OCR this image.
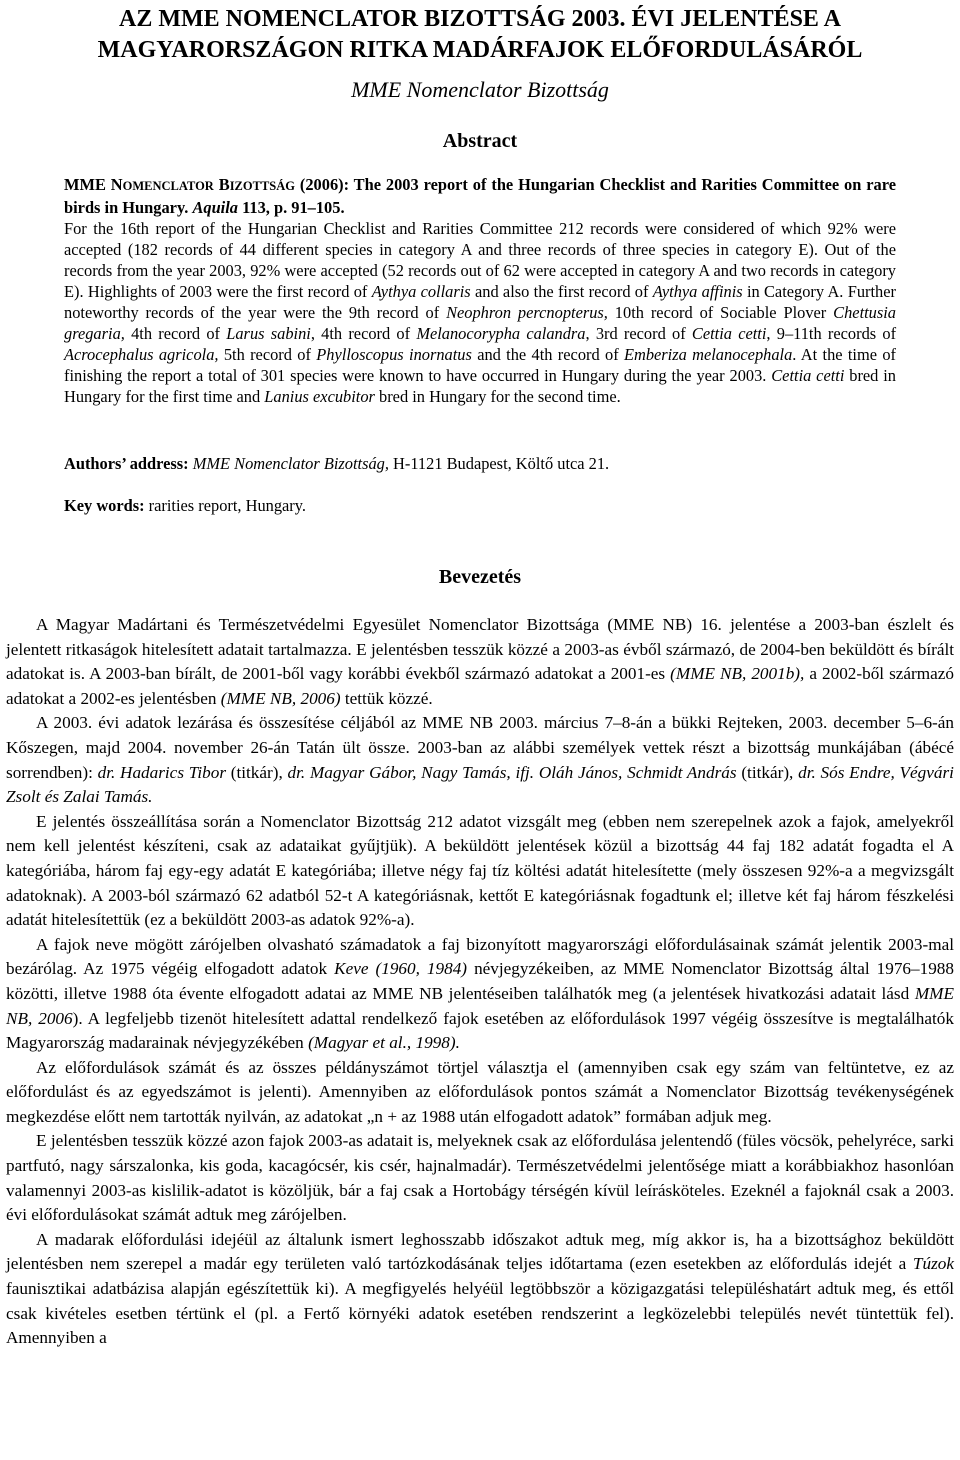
AZ MME NOMENCLATOR BIZOTTSÁG 2003. ÉVI JELENTÉSE A
MAGYARORSZÁGON RITKA MADÁRFAJOK ELŐFORDULÁSÁRÓL
MME Nomenclator Bizottság
Abstract

MME NOMENCLATOR BIZOTTSÁG (2006): The 2003 report of the Hungarian Checklist and Rarities Committee on rare birds in Hungary. Aquila 113, p. 91‒105.

For the 16th report of the Hungarian Checklist and Rarities Committee 212 records were considered of which 92% were accepted (182 records of 44 different species in category A and three records of three species in category E). Out of the records from the year 2003, 92% were accepted (52 records out of 62 were accepted in category A and two records in category E). Highlights of 2003 were the first record of Aythya collaris and also the first record of Aythya affinis in Category A. Further noteworthy records of the year were the 9th record of Neophron percnopterus, 10th record of Sociable Plover Chettusia gregaria, 4th record of Larus sabini, 4th record of Melanocorypha calandra, 3rd record of Cettia cetti, 9‒11th records of Acrocephalus agricola, 5th record of Phylloscopus inornatus and the 4th record of Emberiza melanocephala. At the time of finishing the report a total of 301 species were known to have occurred in Hungary during the year 2003. Cettia cetti bred in Hungary for the first time and Lanius excubitor bred in Hungary for the second time.

Authors’ address: MME Nomenclator Bizottság, H-1121 Budapest, Költő utca 21.
Key words: rarities report, Hungary.
Bevezetés

A Magyar Madártani és Természetvédelmi Egyesület Nomenclator Bizottsága (MME NB) 16. jelentése a 2003-ban észlelt és jelentett ritkaságok hitelesített adatait tartalmazza. E jelentésben tesszük közzé a 2003-as évből származó, de 2004-ben beküldött és bírált adatokat is. A 2003-ban bírált, de 2001-ből vagy korábbi évekből származó adatokat a 2001-es (MME NB, 2001b), a 2002-ből származó adatokat a 2002-es jelentésben (MME NB, 2006) tettük közzé.

A 2003. évi adatok lezárása és összesítése céljából az MME NB 2003. március 7‒8-án a bükki Rejteken, 2003. december 5‒6-án Kőszegen, majd 2004. november 26-án Tatán ült össze. 2003-ban az alábbi személyek vettek részt a bizottság munkájában (ábécé sorrendben): dr. Hadarics Tibor (titkár), dr. Magyar Gábor, Nagy Tamás, ifj. Oláh János, Schmidt András (titkár), dr. Sós Endre, Végvári Zsolt és Zalai Tamás.

E jelentés összeállítása során a Nomenclator Bizottság 212 adatot vizsgált meg (ebben nem szerepelnek azok a fajok, amelyekről nem kell jelentést készíteni, csak az adataikat gyűjtjük). A beküldött jelentések közül a bizottság 44 faj 182 adatát fogadta el A kategóriába, három faj egy-egy adatát E kategóriába; illetve négy faj tíz költési adatát hitelesítette (mely összesen 92%-a a megvizsgált adatoknak). A 2003-ból származó 62 adatból 52-t A kategóriásnak, kettőt E kategóriásnak fogadtunk el; illetve két faj három fészkelési adatát hitelesítettük (ez a beküldött 2003-as adatok 92%-a).

A fajok neve mögött zárójelben olvasható számadatok a faj bizonyított magyarországi előfordulásainak számát jelentik 2003-mal bezárólag. Az 1975 végéig elfogadott adatok Keve (1960, 1984) névjegyzékeiben, az MME Nomenclator Bizottság által 1976‒1988 közötti, illetve 1988 óta évente elfogadott adatai az MME NB jelentéseiben találhatók meg (a jelentések hivatkozási adatait lásd MME NB, 2006). A legfeljebb tizenöt hitelesített adattal rendelkező fajok esetében az előfordulások 1997 végéig összesítve is megtalálhatók Magyarország madarainak névjegyzékében (Magyar et al., 1998).

Az előfordulások számát és az összes példányszámot törtjel választja el (amennyiben csak egy szám van feltüntetve, ez az előfordulást és az egyedszámot is jelenti). Amennyiben az előfordulások pontos számát a Nomenclator Bizottság tevékenységének megkezdése előtt nem tartották nyilván, az adatokat „n + az 1988 után elfogadott adatok” formában adjuk meg.

E jelentésben tesszük közzé azon fajok 2003-as adatait is, melyeknek csak az előfordulása jelentendő (füles vöcsök, pehelyréce, sarki partfutó, nagy sárszalonka, kis goda, kacagócsér, kis csér, hajnalmadár). Természetvédelmi jelentősége miatt a korábbiakhoz hasonlóan valamennyi 2003-as kislilik-adatot is közöljük, bár a faj csak a Hortobágy térségén kívül leírásköteles. Ezeknél a fajoknál csak a 2003. évi előfordulásokat számát adtuk meg zárójelben.

A madarak előfordulási idejéül az általunk ismert leghosszabb időszakot adtuk meg, míg akkor is, ha a bizottsághoz beküldött jelentésben nem szerepel a madár egy területen való tartózkodásának teljes időtartama (ezen esetekben az előfordulás idejét a Túzok faunisztikai adatbázisa alapján egészítettük ki). A megfigyelés helyéül legtöbbször a közigazgatási településhatárt adtuk meg, és ettől csak kivételes esetben tértünk el (pl. a Fertő környéki adatok esetében rendszerint a legközelebbi település nevét tüntettük fel). Amennyiben a
